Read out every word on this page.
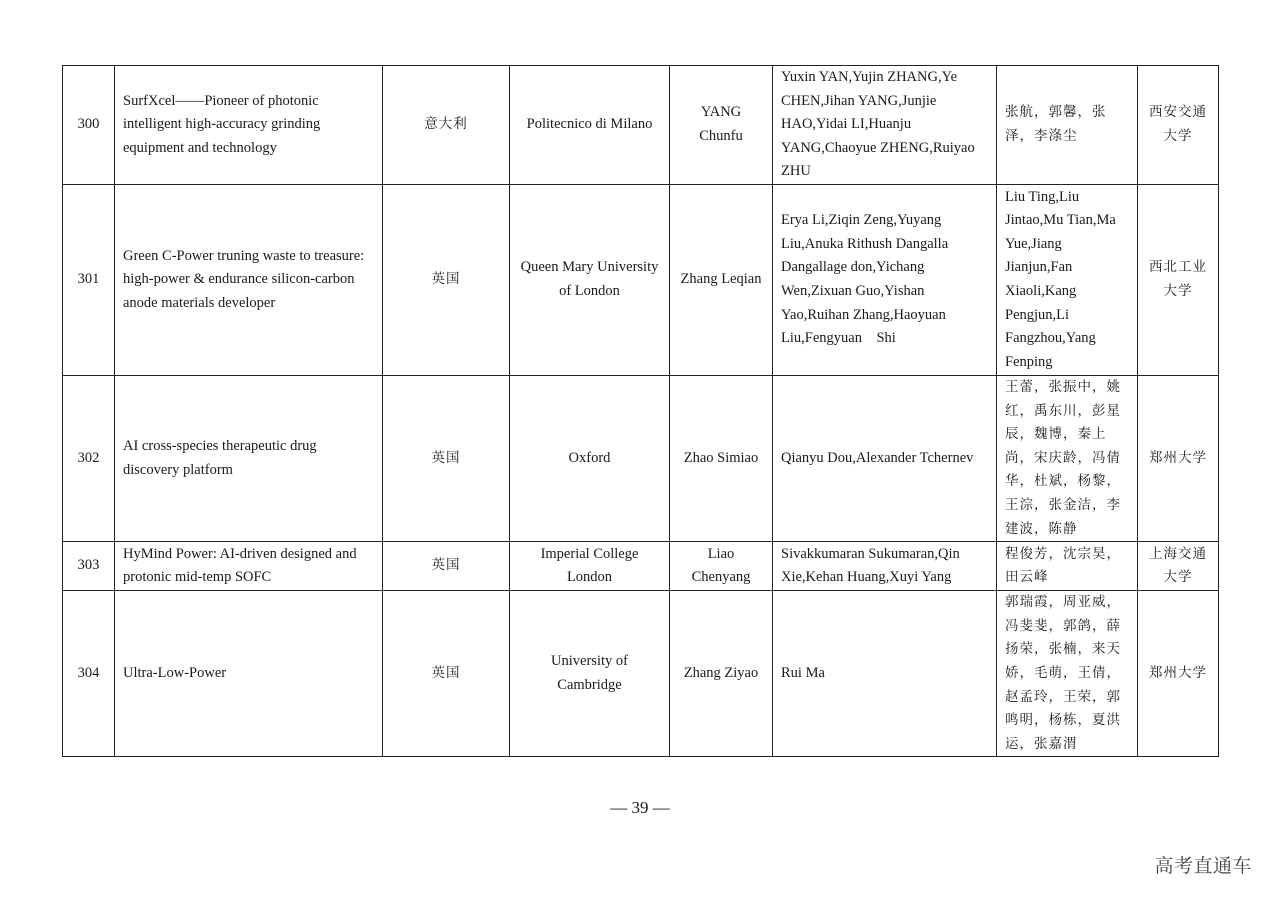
300	SurfXcel——Pioneer of photonic intelligent high-accuracy grinding equipment and technology	意大利	Politecnico di Milano	YANG Chunfu	Yuxin YAN,Yujin ZHANG,Ye CHEN,Jihan YANG,Junjie HAO,Yidai LI,Huanju YANG,Chaoyue ZHENG,Ruiyao ZHU	张航，郭馨，张泽，李涤尘	西安交通大学
301	Green C-Power truning waste to treasure: high-power & endurance silicon-carbon anode materials developer	英国	Queen Mary University of London	Zhang Leqian	Erya Li,Ziqin Zeng,Yuyang Liu,Anuka Rithush Dangalla Dangallage don,Yichang Wen,Zixuan Guo,Yishan Yao,Ruihan Zhang,Haoyuan Liu,Fengyuan    Shi	Liu Ting,Liu Jintao,Mu Tian,Ma Yue,Jiang Jianjun,Fan Xiaoli,Kang Pengjun,Li Fangzhou,Yang Fenping	西北工业大学
302	AI cross-species therapeutic drug discovery platform	英国	Oxford	Zhao Simiao	Qianyu Dou,Alexander Tchernev	王蕾，张振中，姚红，禹东川，彭星辰，魏博，秦上尚，宋庆龄，冯倩华，杜斌，杨黎，王淙，张金洁，李建波，陈静	郑州大学
303	HyMind Power: AI-driven designed and protonic mid-temp SOFC	英国	Imperial College London	Liao Chenyang	Sivakkumaran Sukumaran,Qin Xie,Kehan Huang,Xuyi Yang	程俊芳，沈宗昊，田云峰	上海交通大学
304	Ultra-Low-Power	英国	University of Cambridge	Zhang Ziyao	Rui Ma	郭瑞霞，周亚威，冯斐斐，郭鸽，薛扬荣，张楠，来天娇，毛萌，王倩，赵孟玲，王荣，郭鸣明，杨栋，夏洪运，张嘉渭	郑州大学
— 39 —
高考直通车
